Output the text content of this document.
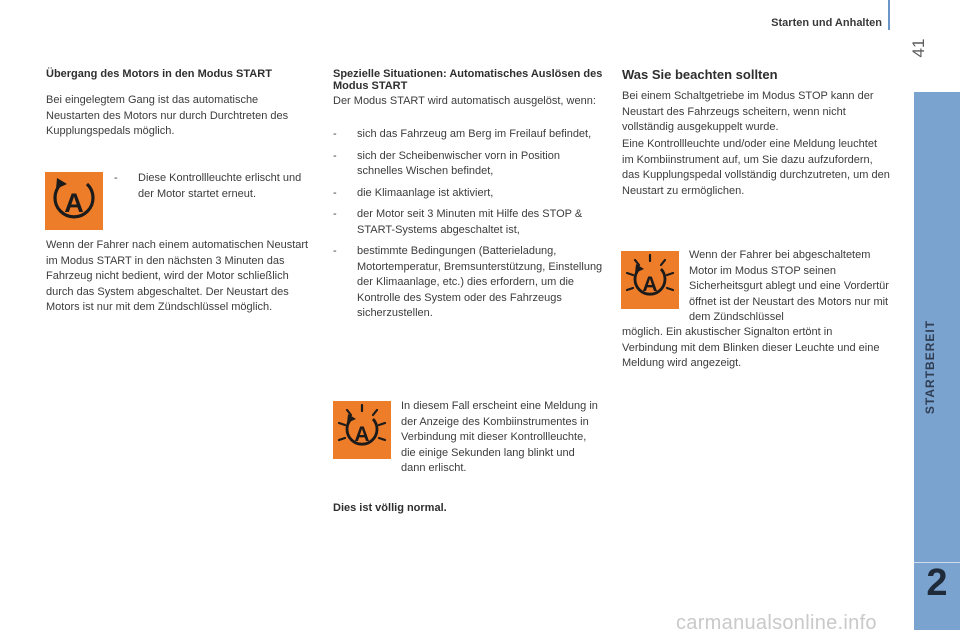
Starten und Anhalten
41
STARTBEREIT
2
Übergang des Motors in den Modus START

Bei eingelegtem Gang ist das automatische Neustarten des Motors nur durch Durchtreten des Kupplungspedals möglich.

A
- Diese Kontrollleuchte erlischt und der Motor startet erneut.

Wenn der Fahrer nach einem automatischen Neustart im Modus START in den nächsten 3 Minuten das Fahrzeug nicht bedient, wird der Motor schließlich durch das System abgeschaltet. Der Neustart des Motors ist nur mit dem Zündschlüssel möglich.

Spezielle Situationen: Automatisches Auslösen des Modus START

Der Modus START wird automatisch ausgelöst, wenn:

- sich das Fahrzeug am Berg im Freilauf befindet,
- sich der Scheibenwischer vorn in Position schnelles Wischen befindet,
- die Klimaanlage ist aktiviert,
- der Motor seit 3 Minuten mit Hilfe des STOP & START-Systems abgeschaltet ist,
- bestimmte Bedingungen (Batterieladung, Motortemperatur, Bremsunterstützung, Einstellung der Klimaanlage, etc.) dies erfordern, um die Kontrolle des System oder des Fahrzeugs sicherzustellen.
A

In diesem Fall erscheint eine Meldung in der Anzeige des Kombiinstrumentes in Verbindung mit dieser Kontrollleuchte, die einige Sekunden lang blinkt und dann erlischt.

Dies ist völlig normal.
Was Sie beachten sollten

Bei einem Schaltgetriebe im Modus STOP kann der Neustart des Fahrzeugs scheitern, wenn nicht vollständig ausgekuppelt wurde.

Eine Kontrollleuchte und/oder eine Meldung leuchtet im Kombiinstrument auf, um Sie dazu aufzufordern, das Kupplungspedal vollständig durchzutreten, um den Neustart zu ermöglichen.

A

Wenn der Fahrer bei abgeschaltetem Motor im Modus STOP seinen Sicherheitsgurt ablegt und eine Vordertür öffnet ist der Neustart des Motors nur mit dem Zündschlüssel

möglich. Ein akustischer Signalton ertönt in Verbindung mit dem Blinken dieser Leuchte und eine Meldung wird angezeigt.

carmanualsonline.info
